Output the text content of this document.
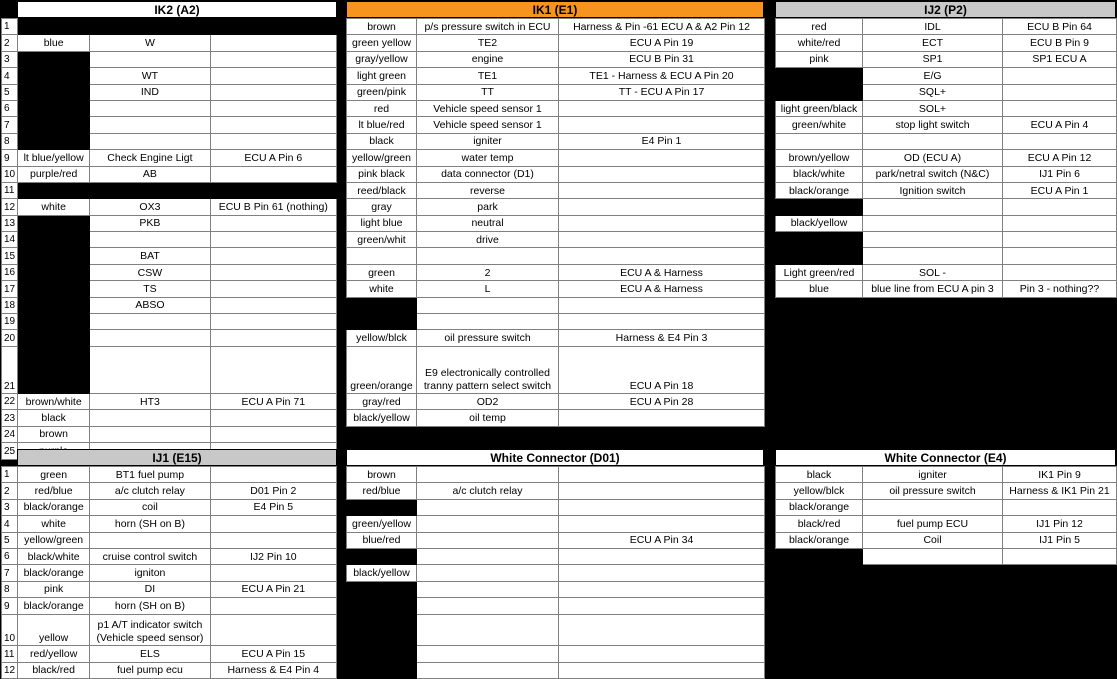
IK2 (A2)
1			
2	blue	W	
3			
4		WT	
5		IND	
6			
7			
8			
9	lt blue/yellow	Check Engine Ligt	ECU A Pin 6
10	purple/red	AB	
11			
12	white	OX3	ECU B Pin 61 (nothing)
13		PKB	
14			
15		BAT	
16		CSW	
17		TS	
18		ABSO	
19			
20			
21			
22	brown/white	HT3	ECU A Pin 71
23	black		
24	brown		
25			
IK1 (E1)
brown	p/s pressure switch in ECU	Harness & Pin -61 ECU A & A2 Pin 12
green yellow	TE2	ECU A Pin 19
gray/yellow	engine	ECU B Pin 31
light green	TE1	TE1 - Harness & ECU A Pin 20
green/pink	TT	TT - ECU A Pin 17
red	Vehicle speed sensor 1	
lt blue/red	Vehicle speed sensor 1	
black	igniter	E4 Pin 1
yellow/green	water temp	
pink black	data connector (D1)	
reed/black	reverse	
gray	park	
light blue	neutral	
green/whit	drive	

green	2	ECU A & Harness
white	L	ECU A & Harness

yellow/blck	oil pressure switch	Harness & E4 Pin 3
green/orange	E9 electronically controlled tranny pattern select switch	ECU A Pin 18
gray/red	OD2	ECU A Pin 28
black/yellow	oil temp	
IJ2 (P2)
red	IDL	ECU B Pin 64
white/red	ECT	ECU B Pin 9
pink	SP1	SP1 ECU A
	E/G	
	SQL+	
light green/black	SOL+	
green/white	stop light switch	ECU A Pin 4

brown/yellow	OD (ECU A)	ECU A Pin 12
black/white	park/netral switch (N&C)	IJ1 Pin 6
black/orange	Ignition switch	ECU A Pin 1

black/yellow		

Light green/red	SOL -	
blue	blue line from ECU A pin 3	Pin 3 - nothing??
IJ1 (E15)
1	green	BT1 fuel pump	
2	red/blue	a/c clutch relay	D01 Pin 2
3	black/orange	coil	E4 Pin 5
4	white	horn (SH on B)	
5	yellow/green		
6	black/white	cruise control switch	IJ2 Pin 10
7	black/orange	igniton	
8	pink	DI	ECU A Pin 21
9	black/orange	horn (SH on B)	
10	yellow	p1 A/T indicator switch (Vehicle speed sensor)	
11	red/yellow	ELS	ECU A Pin 15
12	black/red	fuel pump ecu	Harness & E4 Pin 4
White Connector (D01)
brown		
red/blue	a/c clutch relay	

green/yellow		
blue/red		ECU A Pin 34

black/yellow		

White Connector (E4)
black	igniter	IK1 Pin 9
yellow/blck	oil pressure switch	Harness & IK1 Pin 21
black/orange		
black/red	fuel pump ECU	IJ1 Pin 12
black/orange	Coil	IJ1 Pin 5
